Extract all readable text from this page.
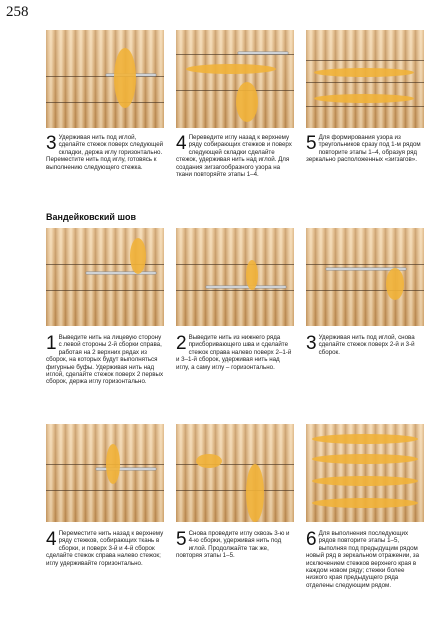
258
3 Удерживая нить под иглой, сделайте стежок поверх следующей складки, держа иглу горизонтально. Переместите нить под иглу, готовясь к выполнению следующего стежка.
4 Переведите иглу назад к верхнему ряду собирающих стежков и поверх следующей складки сделайте стежок, удерживая нить над иглой. Для создания зигзагообразного узора на ткани повторяйте этапы 1–4.
5 Для формирования узора из треугольников сразу под 1-м рядом повторите этапы 1–4, образуя ряд зеркально расположенных «зигзагов».
Вандейковский шов
1 Выведите нить на лицевую сторону с левой стороны 2-й сборки справа, работая на 2 верхних рядах из сборок, на которых будут выполняться фигурные буфы. Удерживая нить над иглой, сделайте стежок поверх 2 первых сборок, держа иглу горизонтально.
2 Выведите нить из нижнего ряда присборивающего шва и сделайте стежок справа налево поверх 2–1-й и 3–1-й сборок, удерживая нить над иглу, а саму иглу – горизонтально.
3 Удерживая нить под иглой, снова сделайте стежок поверх 2-й и 3-й сборок.
4 Переместите нить назад к верхнему ряду стежков, собирающих ткань в сборки, и поверх 3-й и 4-й сборок сделайте стежок справа налево стежок; иглу удерживайте горизонтально.
5 Снова проведите иглу сквозь 3-ю и 4-ю сборки, удерживая нить под иглой. Продолжайте так же, повторяя этапы 1–5.
6 Для выполнения последующих рядов повторите этапы 1–5, выполняя под предыдущим рядом новый ряд в зеркальном отражении, за исключением стежков верхнего края в каждом новом ряду; стежки более низкого края предыдущего ряда отделены следующим рядом.
